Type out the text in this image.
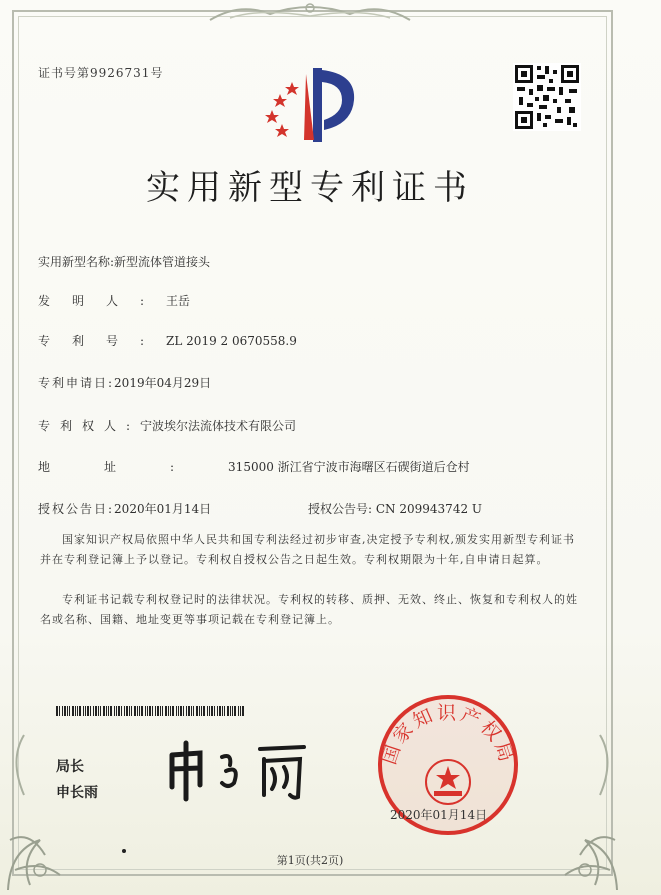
证书号第9926731号
实用新型专利证书
实用新型名称:新型流体管道接头
发明人:王岳
专利号:ZL 2019 2 0670558.9
专利申请日:2019年04月29日
专利权人:宁波埃尔法流体技术有限公司
地址:315000 浙江省宁波市海曙区石碶街道后仓村
授权公告日:2020年01月14日	授权公告号: CN 209943742 U
国家知识产权局依照中华人民共和国专利法经过初步审查,决定授予专利权,颁发实用新型专利证书并在专利登记簿上予以登记。专利权自授权公告之日起生效。专利权期限为十年,自申请日起算。
专利证书记载专利权登记时的法律状况。专利权的转移、质押、无效、终止、恢复和专利权人的姓名或名称、国籍、地址变更等事项记载在专利登记簿上。
局长
申长雨
国家知识产权局
2020年01月14日
第1页(共2页)
